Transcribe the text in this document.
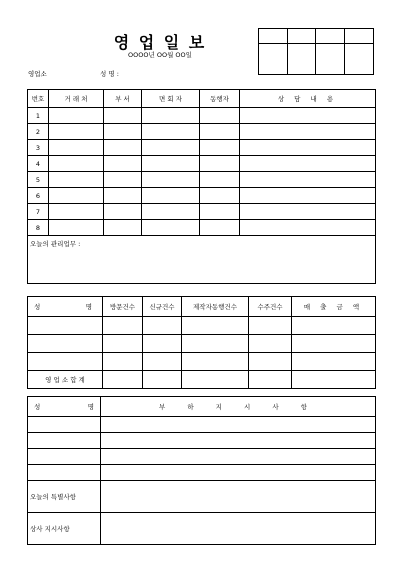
영 업 일 보
OOOO년 OO월 OO일
영업소	성 명 :
번호	거 래 처	부 서	면 회 자	동행자	상 담 내 용
1					
2					
3					
4					
5					
6					
7					
8					
오늘의 관리업무 :					
성 명	방문건수	신규건수	제작자동행건수	수주건수	매 출 금 액

영 업 소 합 계					
성 명	부 하 지 시 사 항

오늘의 특별사항	
상사 지시사항	
